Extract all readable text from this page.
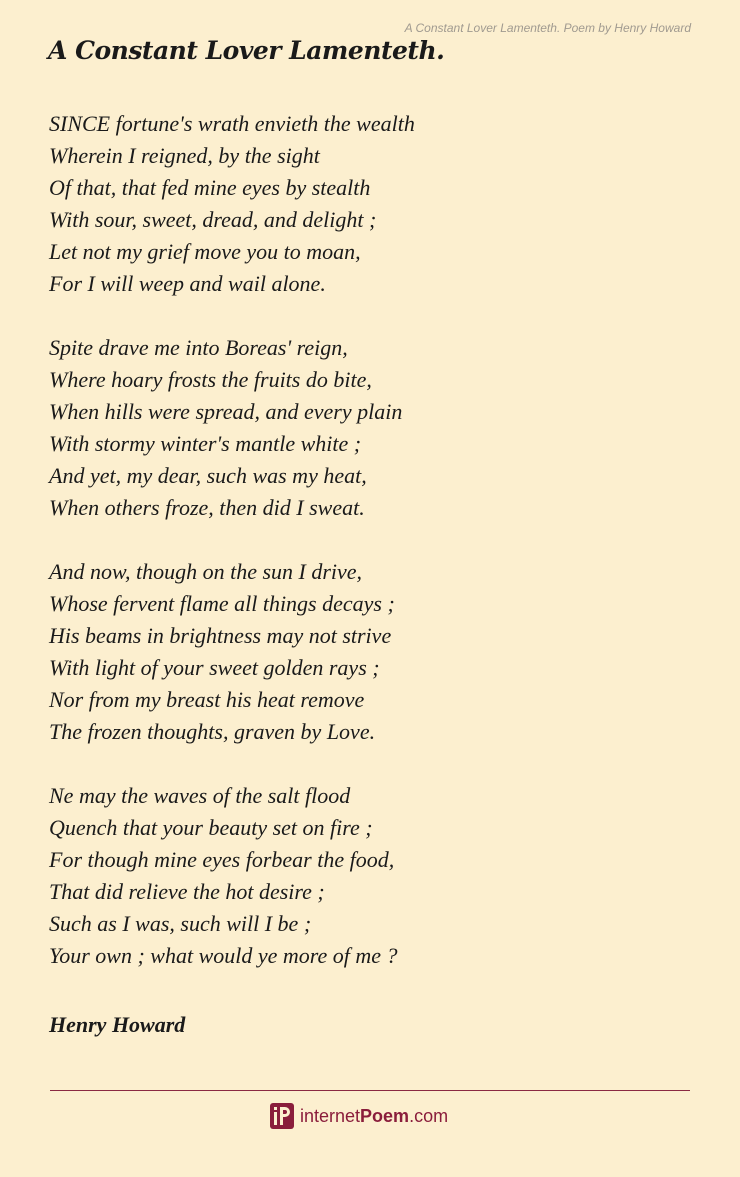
A Constant Lover Lamenteth. Poem by Henry Howard
A Constant Lover Lamenteth.
SINCE fortune's wrath envieth the wealth
Wherein I reigned, by the sight
Of that, that fed mine eyes by stealth
With sour, sweet, dread, and delight ;
Let not my grief move you to moan,
For I will weep and wail alone.
Spite drave me into Boreas' reign,
Where hoary frosts the fruits do bite,
When hills were spread, and every plain
With stormy winter's mantle white ;
And yet, my dear, such was my heat,
When others froze, then did I sweat.
And now, though on the sun I drive,
Whose fervent flame all things decays ;
His beams in brightness may not strive
With light of your sweet golden rays ;
Nor from my breast his heat remove
The frozen thoughts, graven by Love.
Ne may the waves of the salt flood
Quench that your beauty set on fire ;
For though mine eyes forbear the food,
That did relieve the hot desire ;
Such as I was, such will I be ;
Your own ; what would ye more of me ?
Henry Howard
internetPoem.com
